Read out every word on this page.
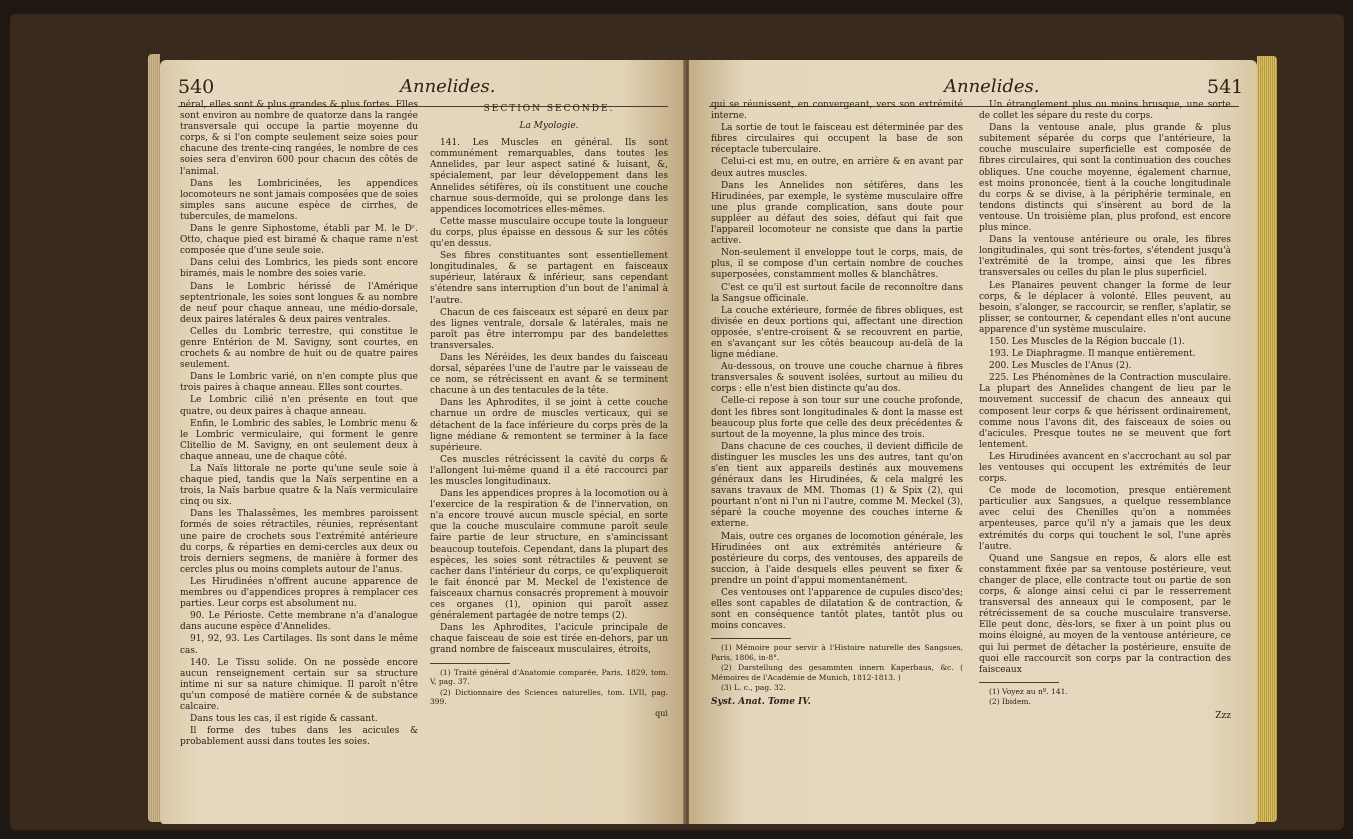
540	Annelides.

néral, elles sont & plus grandes & plus fortes. Elles sont environ au nombre de quatorze dans la rangée transversale qui occupe la partie moyenne du corps, & si l'on compte seulement seize soies pour chacune des trente-cinq rangées, le nombre de ces soies sera d'environ 600 pour chacun des côtés de l'animal.

Dans les Lombricinées, les appendices locomoteurs ne sont jamais composées que de soies simples sans aucune espèce de cirrhes, de tubercules, de mamelons.

Dans le genre Siphostome, établi par M. le Dʳ. Otto, chaque pied est biramé & chaque rame n'est composée que d'une seule soie.

Dans celui des Lombrics, les pieds sont encore biramés, mais le nombre des soies varie.

Dans le Lombric hérissé de l'Amérique septentrionale, les soies sont longues & au nombre de neuf pour chaque anneau, une médio-dorsale, deux paires latérales & deux paires ventrales.

Celles du Lombric terrestre, qui constitue le genre Entérion de M. Savigny, sont courtes, en crochets & au nombre de huit ou de quatre paires seulement.

Dans le Lombric varié, on n'en compte plus que trois paires à chaque anneau. Elles sont courtes.

Le Lombric cilié n'en présente en tout que quatre, ou deux paires à chaque anneau.

Enfin, le Lombric des sables, le Lombric menu & le Lombric vermiculaire, qui forment le genre Clitellio de M. Savigny, en ont seulement deux à chaque anneau, une de chaque côté.

La Naïs littorale ne porte qu'une seule soie à chaque pied, tandis que la Naïs serpentine en a trois, la Naïs barbue quatre & la Naïs vermiculaire cinq ou six.

Dans les Thalassêmes, les membres paroissent formés de soies rétractiles, réunies, représentant une paire de crochets sous l'extrémité antérieure du corps, & réparties en demi-cercles aux deux ou trois derniers segmens, de manière à former des cercles plus ou moins complets autour de l'anus.

Les Hirudinées n'offrent aucune apparence de membres ou d'appendices propres à remplacer ces parties. Leur corps est absolument nu.

90. Le Périoste. Cette membrane n'a d'analogue dans aucune espèce d'Annelides.

91, 92, 93. Les Cartilages. Ils sont dans le même cas.

140. Le Tissu solide. On ne possède encore aucun renseignement certain sur sa structure intime ni sur sa nature chimique. Il paroît n'être qu'un composé de matière cornée & de substance calcaire.

Dans tous les cas, il est rigide & cassant.

Il forme des tubes dans les acicules & probablement aussi dans toutes les soies.

SECTION SECONDE.
La Myologie.

141. Les Muscles en général. Ils sont communément remarquables, dans toutes les Annelides, par leur aspect satiné & luisant, &, spécialement, par leur développement dans les Annelides sétifères, où ils constituent une couche charnue sous-dermoïde, qui se prolonge dans les appendices locomotrices elles-mêmes.

Cette masse musculaire occupe toute la longueur du corps, plus épaisse en dessous & sur les côtés qu'en dessus.

Ses fibres constituantes sont essentiellement longitudinales, & se partagent en faisceaux supérieur, latéraux & inférieur, sans cependant s'étendre sans interruption d'un bout de l'animal à l'autre.

Chacun de ces faisceaux est séparé en deux par des lignes ventrale, dorsale & latérales, mais ne paroît pas être interrompu par des bandelettes transversales.

Dans les Néréides, les deux bandes du faisceau dorsal, séparées l'une de l'autre par le vaisseau de ce nom, se rétrécissent en avant & se terminent chacune à un des tentacules de la tête.

Dans les Aphrodites, il se joint à cette couche charnue un ordre de muscles verticaux, qui se détachent de la face inférieure du corps près de la ligne médiane & remontent se terminer à la face supérieure.

Ces muscles rétrécissent la cavité du corps & l'allongent lui-même quand il a été raccourci par les muscles longitudinaux.

Dans les appendices propres à la locomotion ou à l'exercice de la respiration & de l'innervation, on n'a encore trouvé aucun muscle spécial, en sorte que la couche musculaire commune paroît seule faire partie de leur structure, en s'amincissant beaucoup toutefois. Cependant, dans la plupart des espèces, les soies sont rétractiles & peuvent se cacher dans l'intérieur du corps, ce qu'expliqueroit le fait énoncé par M. Meckel de l'existence de faisceaux charnus consacrés proprement à mouvoir ces organes (1), opinion qui paroît assez généralement partagée de notre temps (2).

Dans les Aphrodites, l'acicule principale de chaque faisceau de soie est tirée en-dehors, par un grand nombre de faisceaux musculaires, étroits,

(1) Traité général d'Anatomie comparée, Paris, 1829, tom. V, pag. 37.

(2) Dictionnaire des Sciences naturelles, tom. LVII, pag. 399.

qui
Annelides.	541

qui se réunissent, en convergeant, vers son extrémité interne.

La sortie de tout le faisceau est déterminée par des fibres circulaires qui occupent la base de son réceptacle tuberculaire.

Celui-ci est mu, en outre, en arrière & en avant par deux autres muscles.

Dans les Annelides non sétifères, dans les Hirudinées, par exemple, le système musculaire offre une plus grande complication, sans doute pour suppléer au défaut des soies, défaut qui fait que l'appareil locomoteur ne consiste que dans la partie active.

Non-seulement il enveloppe tout le corps, mais, de plus, il se compose d'un certain nombre de couches superposées, constamment molles & blanchâtres.

C'est ce qu'il est surtout facile de reconnoître dans la Sangsue officinale.

La couche extérieure, formée de fibres obliques, est divisée en deux portions qui, affectant une direction opposée, s'entre-croisent & se recouvrent en partie, en s'avançant sur les côtés beaucoup au-delà de la ligne médiane.

Au-dessous, on trouve une couche charnue à fibres transversales & souvent isolées, surtout au milieu du corps : elle n'est bien distincte qu'au dos.

Celle-ci repose à son tour sur une couche profonde, dont les fibres sont longitudinales & dont la masse est beaucoup plus forte que celle des deux précédentes & surtout de la moyenne, la plus mince des trois.

Dans chacune de ces couches, il devient difficile de distinguer les muscles les uns des autres, tant qu'on s'en tient aux appareils destinés aux mouvemens généraux dans les Hirudinées, & cela malgré les savans travaux de MM. Thomas (1) & Spix (2), qui pourtant n'ont ni l'un ni l'autre, comme M. Meckel (3), séparé la couche moyenne des couches interne & externe.

Mais, outre ces organes de locomotion générale, les Hirudinées ont aux extrémités antérieure & postérieure du corps, des ventouses, des appareils de succion, à l'aide desquels elles peuvent se fixer & prendre un point d'appui momentanément.

Ces ventouses ont l'apparence de cupules disco'des; elles sont capables de dilatation & de contraction, & sont en conséquence tantôt plates, tantôt plus ou moins concaves.

(1) Mémoire pour servir à l'Histoire naturelle des Sangsues, Paris, 1806, in-8°.

(2) Darstellung des gesammten innern Kaperbaus, &c. ( Mémoires de l'Académie de Munich, 1812-1813. )

(3) L. c., pag. 32.

Syst. Anat. Tome IV.

Un étranglement plus ou moins brusque, une sorte de collet les sépare du reste du corps.

Dans la ventouse anale, plus grande & plus subitement séparée du corps que l'antérieure, la couche musculaire superficielle est composée de fibres circulaires, qui sont la continuation des couches obliques. Une couche moyenne, également charnue, est moins prononcée, tient à la couche longitudinale du corps & se divise, à la périphérie terminale, en tendons distincts qui s'insèrent au bord de la ventouse. Un troisième plan, plus profond, est encore plus mince.

Dans la ventouse antérieure ou orale, les fibres longitudinales, qui sont très-fortes, s'étendent jusqu'à l'extrémité de la trompe, ainsi que les fibres transversales ou celles du plan le plus superficiel.

Les Planaires peuvent changer la forme de leur corps, & le déplacer à volonté. Elles peuvent, au besoin, s'alonger, se raccourcir, se renfler, s'aplatir, se plisser, se contourner, & cependant elles n'ont aucune apparence d'un système musculaire.

150. Les Muscles de la Région buccale (1).

193. Le Diaphragme. Il manque entièrement.

200. Les Muscles de l'Anus (2).

225. Les Phénomènes de la Contraction musculaire. La plupart des Annelides changent de lieu par le mouvement successif de chacun des anneaux qui composent leur corps & que hérissent ordinairement, comme nous l'avons dit, des faisceaux de soies ou d'acicules. Presque toutes ne se meuvent que fort lentement.

Les Hirudinées avancent en s'accrochant au sol par les ventouses qui occupent les extrémités de leur corps.

Ce mode de locomotion, presque entièrement particulier aux Sangsues, a quelque ressemblance avec celui des Chenilles qu'on a nommées arpenteuses, parce qu'il n'y a jamais que les deux extrémités du corps qui touchent le sol, l'une après l'autre.

Quand une Sangsue en repos, & alors elle est constamment fixée par sa ventouse postérieure, veut changer de place, elle contracte tout ou partie de son corps, & alonge ainsi celui ci par le resserrement transversal des anneaux qui le composent, par le rétrécissement de sa couche musculaire transverse. Elle peut donc, dès-lors, se fixer à un point plus ou moins éloigné, au moyen de la ventouse antérieure, ce qui lui permet de détacher la postérieure, ensuite de quoi elle raccourcit son corps par la contraction des faisceaux

(1) Voyez au nº. 141.

(2) Ibidem.

Zzz
